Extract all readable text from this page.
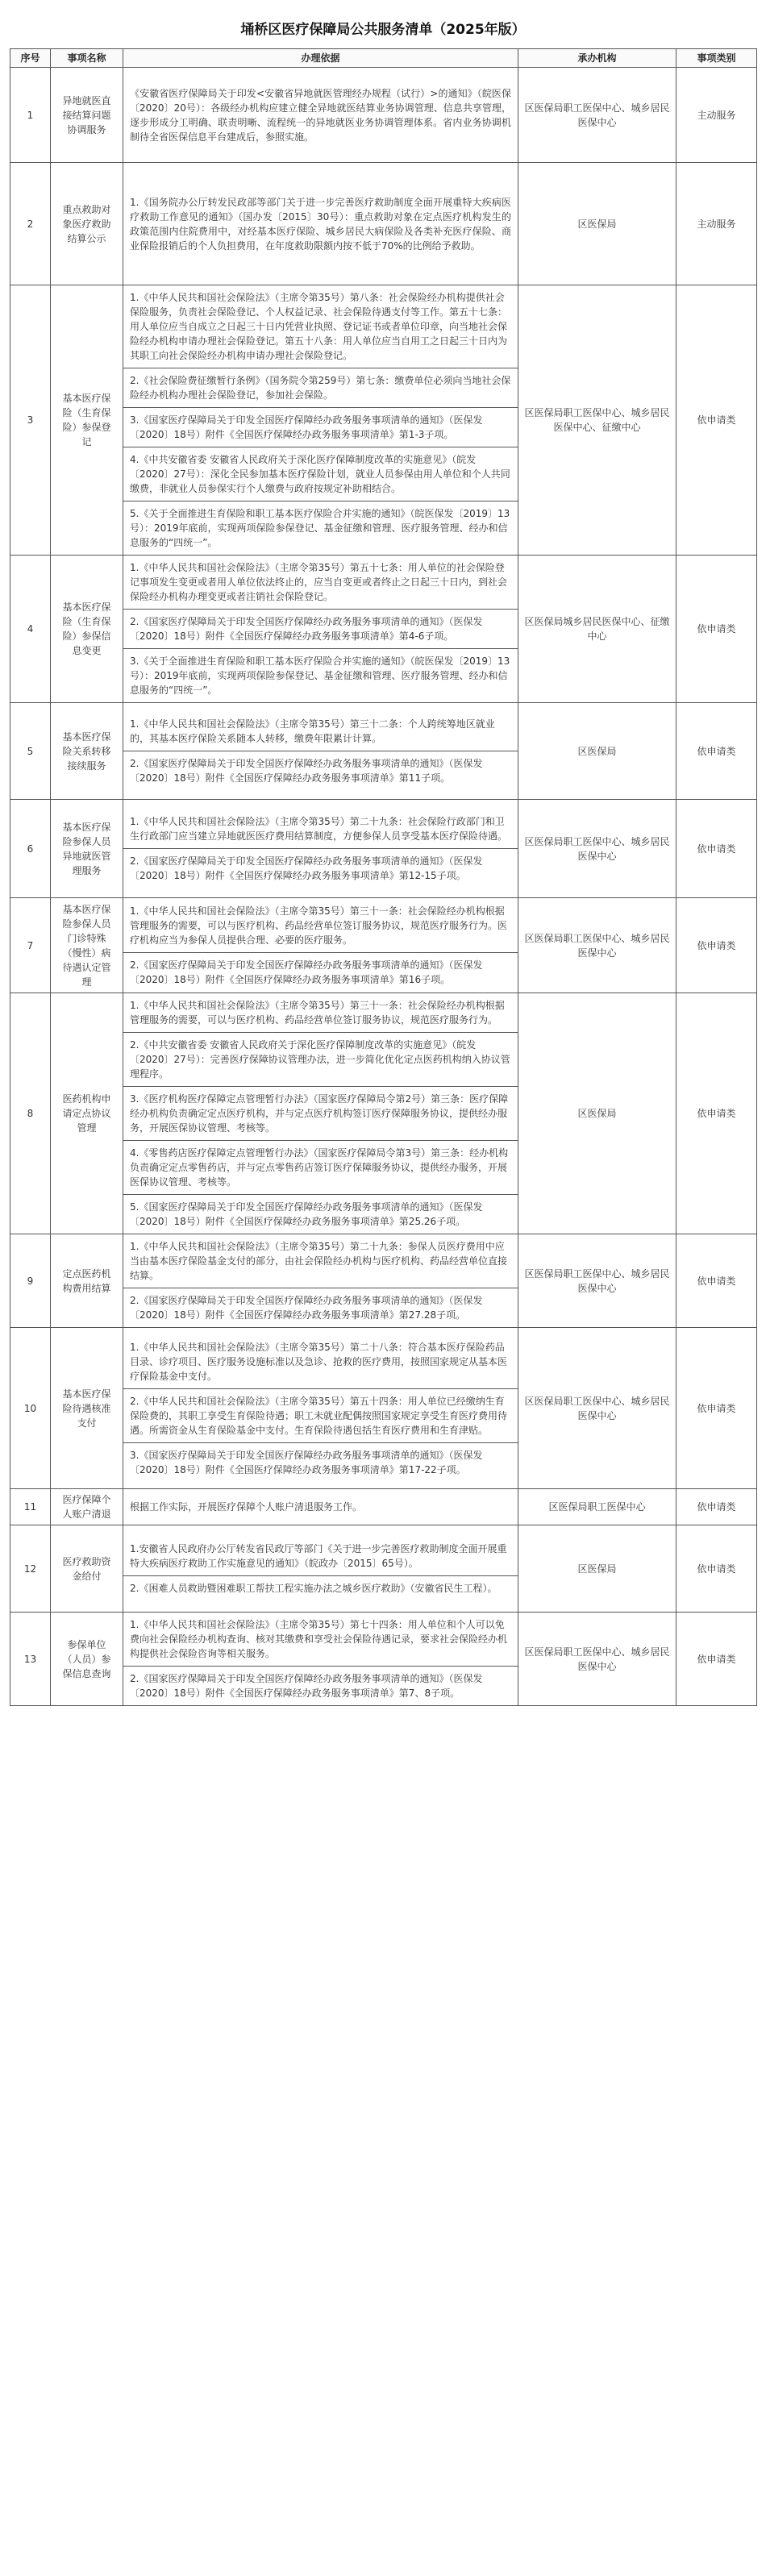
埇桥区医疗保障局公共服务清单（2025年版）
序号	事项名称	办理依据	承办机构	事项类别
1	异地就医直接结算问题协调服务	《安徽省医疗保障局关于印发<安徽省异地就医管理经办规程（试行）>的通知》（皖医保〔2020〕20号）：各级经办机构应建立健全异地就医结算业务协调管理、信息共享管理，逐步形成分工明确、联责明晰、流程统一的异地就医业务协调管理体系。省内业务协调机制待全省医保信息平台建成后，参照实施。	区医保局职工医保中心、城乡居民医保中心	主动服务
2	重点救助对象医疗救助结算公示	1.《国务院办公厅转发民政部等部门关于进一步完善医疗救助制度全面开展重特大疾病医疗救助工作意见的通知》（国办发〔2015〕30号）：重点救助对象在定点医疗机构发生的政策范围内住院费用中，对经基本医疗保险、城乡居民大病保险及各类补充医疗保险、商业保险报销后的个人负担费用，在年度救助限额内按不低于70%的比例给予救助。	区医保局	主动服务
3	基本医疗保险（生育保险）参保登记	1.《中华人民共和国社会保险法》（主席令第35号）第八条：社会保险经办机构提供社会保险服务，负责社会保险登记、个人权益记录、社会保险待遇支付等工作。第五十七条：用人单位应当自成立之日起三十日内凭营业执照、登记证书或者单位印章，向当地社会保险经办机构申请办理社会保险登记。第五十八条：用人单位应当自用工之日起三十日内为其职工向社会保险经办机构申请办理社会保险登记。
2.《社会保险费征缴暂行条例》（国务院令第259号）第七条：缴费单位必须向当地社会保险经办机构办理社会保险登记，参加社会保险。
3.《国家医疗保障局关于印发全国医疗保障经办政务服务事项清单的通知》（医保发〔2020〕18号）附件《全国医疗保障经办政务服务事项清单》第1-3子项。
4.《中共安徽省委 安徽省人民政府关于深化医疗保障制度改革的实施意见》（皖发〔2020〕27号）：深化全民参加基本医疗保险计划，就业人员参保由用人单位和个人共同缴费，非就业人员参保实行个人缴费与政府按规定补助相结合。
5.《关于全面推进生育保险和职工基本医疗保险合并实施的通知》（皖医保发〔2019〕13号）：2019年底前，实现两项保险参保登记、基金征缴和管理、医疗服务管理、经办和信息服务的“四统一”。	区医保局职工医保中心、城乡居民医保中心、征缴中心	依申请类
4	基本医疗保险（生育保险）参保信息变更	1.《中华人民共和国社会保险法》（主席令第35号）第五十七条：用人单位的社会保险登记事项发生变更或者用人单位依法终止的，应当自变更或者终止之日起三十日内，到社会保险经办机构办理变更或者注销社会保险登记。
2.《国家医疗保障局关于印发全国医疗保障经办政务服务事项清单的通知》（医保发〔2020〕18号）附件《全国医疗保障经办政务服务事项清单》第4-6子项。
3.《关于全面推进生育保险和职工基本医疗保险合并实施的通知》（皖医保发〔2019〕13号）：2019年底前，实现两项保险参保登记、基金征缴和管理、医疗服务管理、经办和信息服务的“四统一”。	区医保局城乡居民医保中心、征缴中心	依申请类
5	基本医疗保险关系转移接续服务	1.《中华人民共和国社会保险法》（主席令第35号）第三十二条：个人跨统筹地区就业的，其基本医疗保险关系随本人转移，缴费年限累计计算。
2.《国家医疗保障局关于印发全国医疗保障经办政务服务事项清单的通知》（医保发〔2020〕18号）附件《全国医疗保障经办政务服务事项清单》第11子项。	区医保局	依申请类
6	基本医疗保险参保人员异地就医管理服务	1.《中华人民共和国社会保险法》（主席令第35号）第二十九条：社会保险行政部门和卫生行政部门应当建立异地就医医疗费用结算制度，方便参保人员享受基本医疗保险待遇。
2.《国家医疗保障局关于印发全国医疗保障经办政务服务事项清单的通知》（医保发〔2020〕18号）附件《全国医疗保障经办政务服务事项清单》第12-15子项。	区医保局职工医保中心、城乡居民医保中心	依申请类
7	基本医疗保险参保人员门诊特殊（慢性）病待遇认定管理	1.《中华人民共和国社会保险法》（主席令第35号）第三十一条：社会保险经办机构根据管理服务的需要，可以与医疗机构、药品经营单位签订服务协议，规范医疗服务行为。医疗机构应当为参保人员提供合理、必要的医疗服务。
2.《国家医疗保障局关于印发全国医疗保障经办政务服务事项清单的通知》（医保发〔2020〕18号）附件《全国医疗保障经办政务服务事项清单》第16子项。	区医保局职工医保中心、城乡居民医保中心	依申请类
8	医药机构申请定点协议管理	1.《中华人民共和国社会保险法》（主席令第35号）第三十一条：社会保险经办机构根据管理服务的需要，可以与医疗机构、药品经营单位签订服务协议，规范医疗服务行为。
2.《中共安徽省委 安徽省人民政府关于深化医疗保障制度改革的实施意见》（皖发〔2020〕27号）：完善医疗保障协议管理办法，进一步简化优化定点医药机构纳入协议管理程序。
3.《医疗机构医疗保障定点管理暂行办法》（国家医疗保障局令第2号）第三条：医疗保障经办机构负责确定定点医疗机构，并与定点医疗机构签订医疗保障服务协议，提供经办服务，开展医保协议管理、考核等。
4.《零售药店医疗保障定点管理暂行办法》（国家医疗保障局令第3号）第三条：经办机构负责确定定点零售药店，并与定点零售药店签订医疗保障服务协议，提供经办服务，开展医保协议管理、考核等。
5.《国家医疗保障局关于印发全国医疗保障经办政务服务事项清单的通知》（医保发〔2020〕18号）附件《全国医疗保障经办政务服务事项清单》第25.26子项。	区医保局	依申请类
9	定点医药机构费用结算	1.《中华人民共和国社会保险法》（主席令第35号）第二十九条：参保人员医疗费用中应当由基本医疗保险基金支付的部分，由社会保险经办机构与医疗机构、药品经营单位直接结算。
2.《国家医疗保障局关于印发全国医疗保障经办政务服务事项清单的通知》（医保发〔2020〕18号）附件《全国医疗保障经办政务服务事项清单》第27.28子项。	区医保局职工医保中心、城乡居民医保中心	依申请类
10	基本医疗保险待遇核准支付	1.《中华人民共和国社会保险法》（主席令第35号）第二十八条：符合基本医疗保险药品目录、诊疗项目、医疗服务设施标准以及急诊、抢救的医疗费用，按照国家规定从基本医疗保险基金中支付。
2.《中华人民共和国社会保险法》（主席令第35号）第五十四条：用人单位已经缴纳生育保险费的，其职工享受生育保险待遇；职工未就业配偶按照国家规定享受生育医疗费用待遇。所需资金从生育保险基金中支付。生育保险待遇包括生育医疗费用和生育津贴。
3.《国家医疗保障局关于印发全国医疗保障经办政务服务事项清单的通知》（医保发〔2020〕18号）附件《全国医疗保障经办政务服务事项清单》第17-22子项。	区医保局职工医保中心、城乡居民医保中心	依申请类
11	医疗保障个人账户清退	根据工作实际，开展医疗保障个人账户清退服务工作。	区医保局职工医保中心	依申请类
12	医疗救助资金给付	1.安徽省人民政府办公厅转发省民政厅等部门《关于进一步完善医疗救助制度全面开展重特大疾病医疗救助工作实施意见的通知》（皖政办〔2015〕65号）。
2.《困难人员救助暨困难职工帮扶工程实施办法之城乡医疗救助》（安徽省民生工程）。	区医保局	依申请类
13	参保单位（人员）参保信息查询	1.《中华人民共和国社会保险法》（主席令第35号）第七十四条：用人单位和个人可以免费向社会保险经办机构查询、核对其缴费和享受社会保险待遇记录，要求社会保险经办机构提供社会保险咨询等相关服务。
2.《国家医疗保障局关于印发全国医疗保障经办政务服务事项清单的通知》（医保发〔2020〕18号）附件《全国医疗保障经办政务服务事项清单》第7、8子项。	区医保局职工医保中心、城乡居民医保中心	依申请类
